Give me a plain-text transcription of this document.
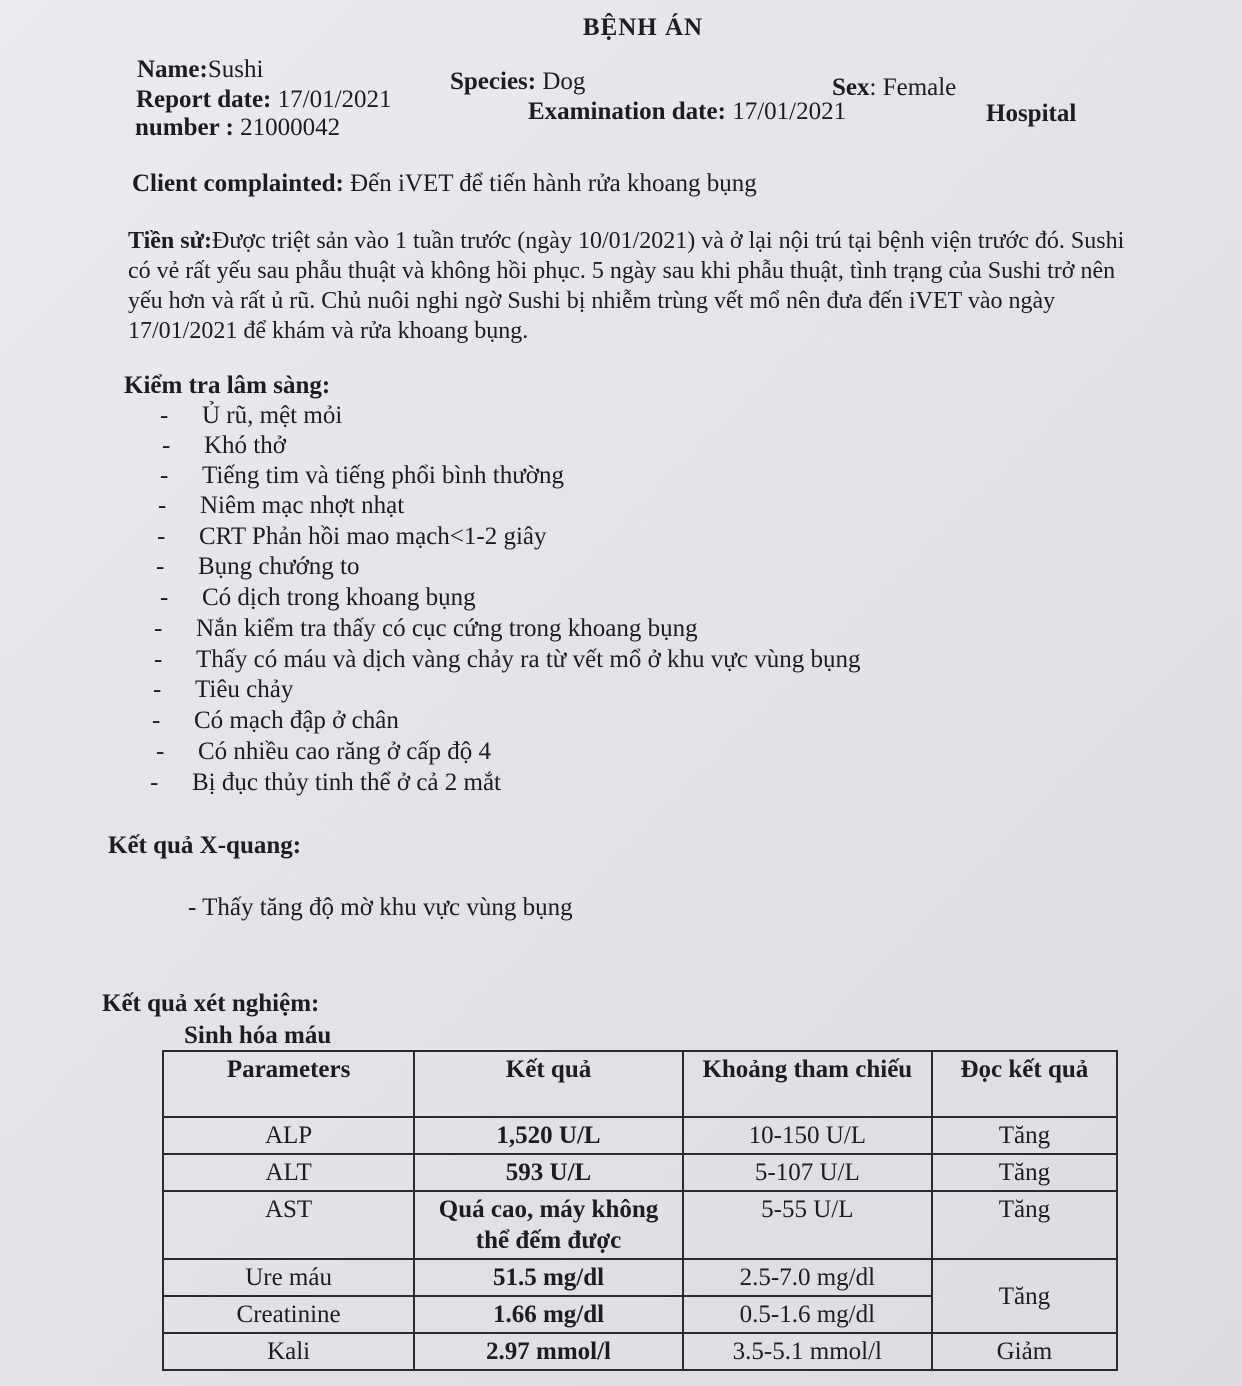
BỆNH ÁN
Name:Sushi	Species: Dog	Sex: Female
Report date: 17/01/2021	Examination date: 17/01/2021	Hospital
number : 21000042
Client complainted: Đến iVET để tiến hành rửa khoang bụng
Tiền sử:Được triệt sản vào 1 tuần trước (ngày 10/01/2021) và ở lại nội trú tại bệnh viện trước đó. Sushi có vẻ rất yếu sau phẫu thuật và không hồi phục. 5 ngày sau khi phẫu thuật, tình trạng của Sushi trở nên yếu hơn và rất ủ rũ. Chủ nuôi nghi ngờ Sushi bị nhiễm trùng vết mổ nên đưa đến iVET vào ngày 17/01/2021 để khám và rửa khoang bụng.
Kiểm tra lâm sàng:
- Ủ rũ, mệt mỏi
- Khó thở
- Tiếng tim và tiếng phổi bình thường
- Niêm mạc nhợt nhạt
- CRT Phản hồi mao mạch<1-2 giây
- Bụng chướng to
- Có dịch trong khoang bụng
- Nắn kiểm tra thấy có cục cứng trong khoang bụng
- Thấy có máu và dịch vàng chảy ra từ vết mổ ở khu vực vùng bụng
- Tiêu chảy
- Có mạch đập ở chân
- Có nhiều cao răng ở cấp độ 4
- Bị đục thủy tinh thể ở cả 2 mắt
Kết quả X-quang:
- Thấy tăng độ mờ khu vực vùng bụng
Kết quả xét nghiệm:
Sinh hóa máu
Parameters	Kết quả	Khoảng tham chiếu	Đọc kết quả
ALP	1,520 U/L	10-150 U/L	Tăng
ALT	593 U/L	5-107 U/L	Tăng
AST	Quá cao, máy không thể đếm được	5-55 U/L	Tăng
Ure máu	51.5 mg/dl	2.5-7.0 mg/dl	Tăng
Creatinine	1.66 mg/dl	0.5-1.6 mg/dl	
Kali	2.97 mmol/l	3.5-5.1 mmol/l	Giảm
